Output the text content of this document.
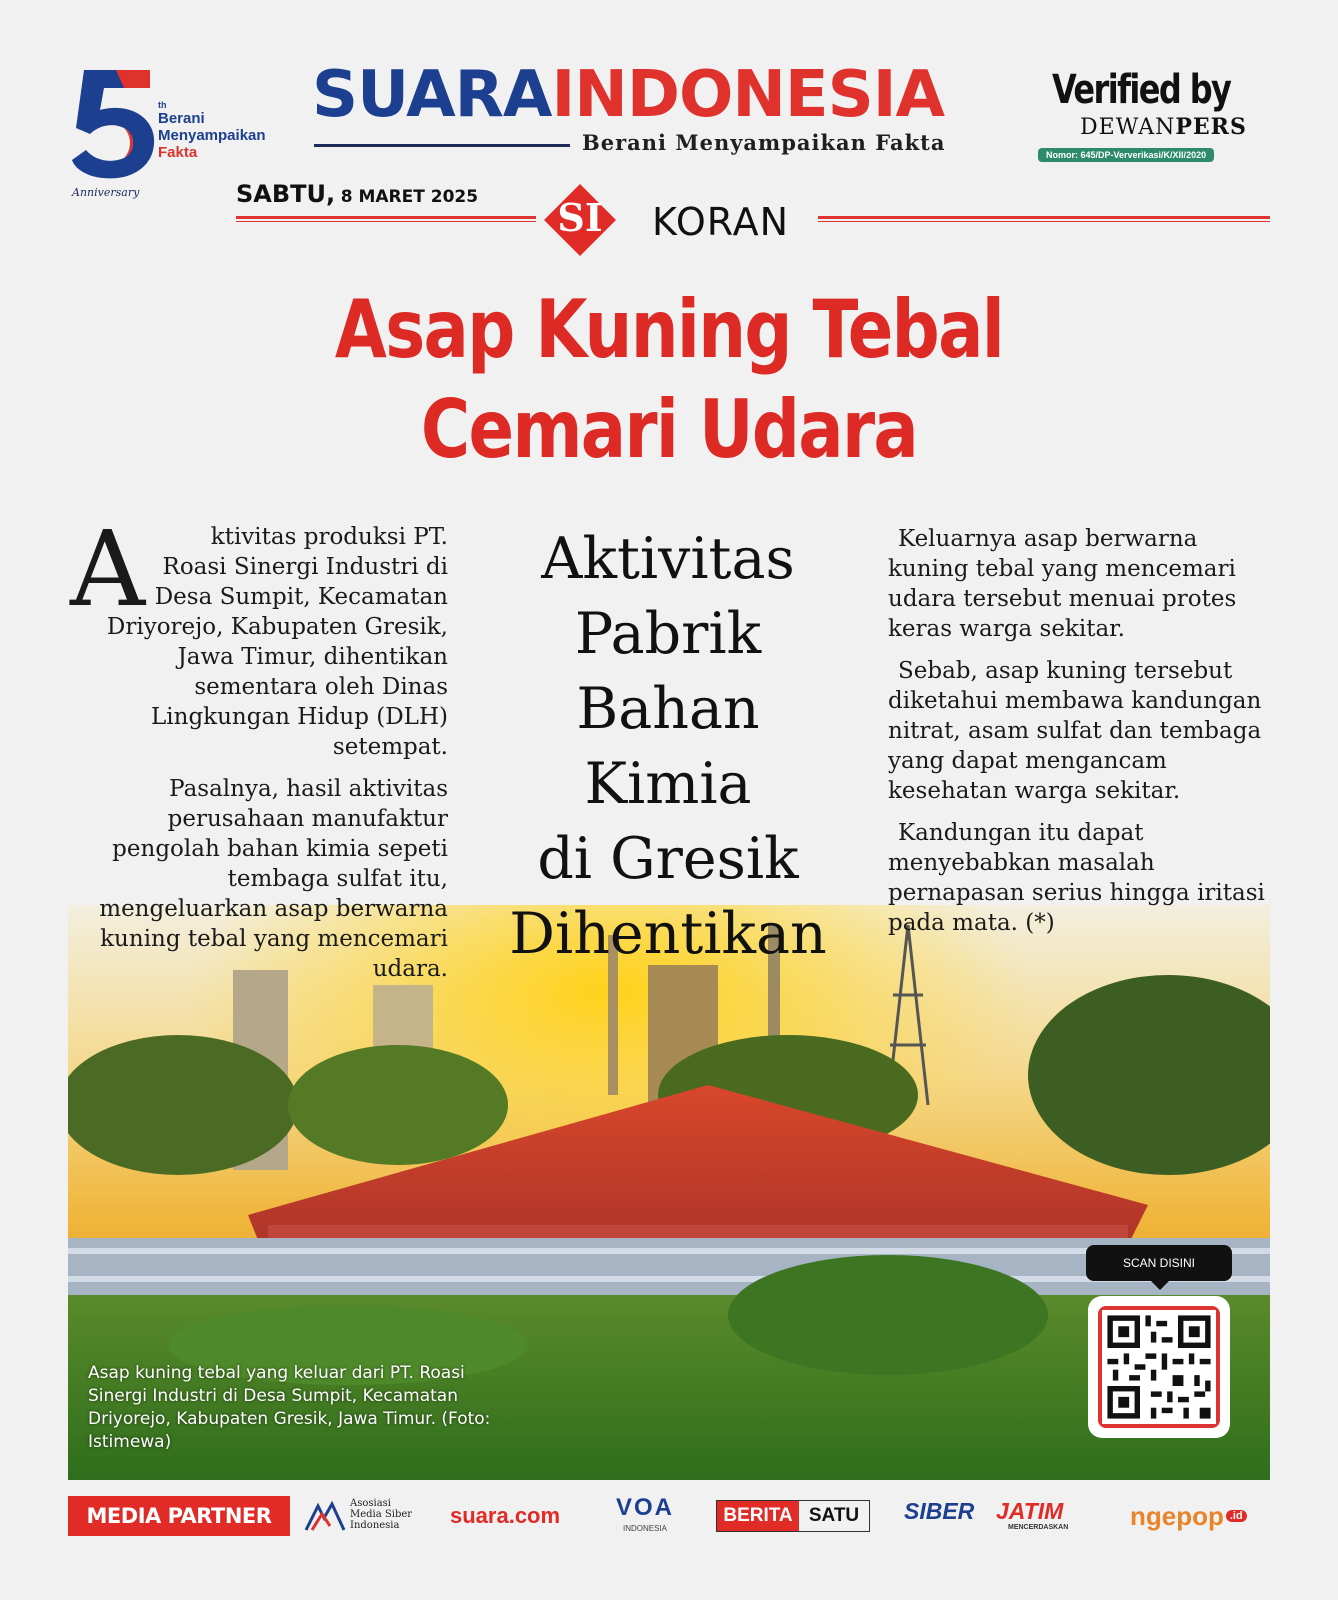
th
Berani
Menyampaikan
Fakta
Anniversary
SUARAINDONESIA
Berani Menyampaikan Fakta
Verified by
DEWANPERS
Nomor: 645/DP-Ververikasi/K/XII/2020
SABTU, 8 MARET 2025 SI KORAN
Asap Kuning Tebal
Cemari Udara

A	ktivitas produksi PT. Roasi Sinergi Industri di Desa Sumpit, Kecamatan Driyorejo, Kabupaten Gresik, Jawa Timur, dihentikan sementara oleh Dinas Lingkungan Hidup (DLH) setempat.

Pasalnya, hasil aktivitas perusahaan manufaktur pengolah bahan kimia sepeti tembaga sulfat itu, mengeluarkan asap berwarna kuning tebal yang mencemari udara.

Aktivitas
Pabrik
Bahan
Kimia
di Gresik
Dihentikan

Keluarnya asap berwarna kuning tebal yang mencemari udara tersebut menuai protes keras warga sekitar.

Sebab, asap kuning tersebut diketahui membawa kandungan nitrat, asam sulfat dan tembaga yang dapat mengancam kesehatan warga sekitar.

Kandungan itu dapat menyebabkan masalah pernapasan serius hingga iritasi pada mata. (*)

Asap kuning tebal yang keluar dari PT. Roasi Sinergi Industri di Desa Sumpit, Kecamatan Driyorejo, Kabupaten Gresik, Jawa Timur. (Foto: Istimewa)
SCAN DISINI
MEDIA PARTNER
Asosiasi
Media Siber
Indonesia	suara.com	VOA
INDONESIA
BERITA SATU	SIBER JATIM
MENCERDASKAN ngepop $^{.id}$
